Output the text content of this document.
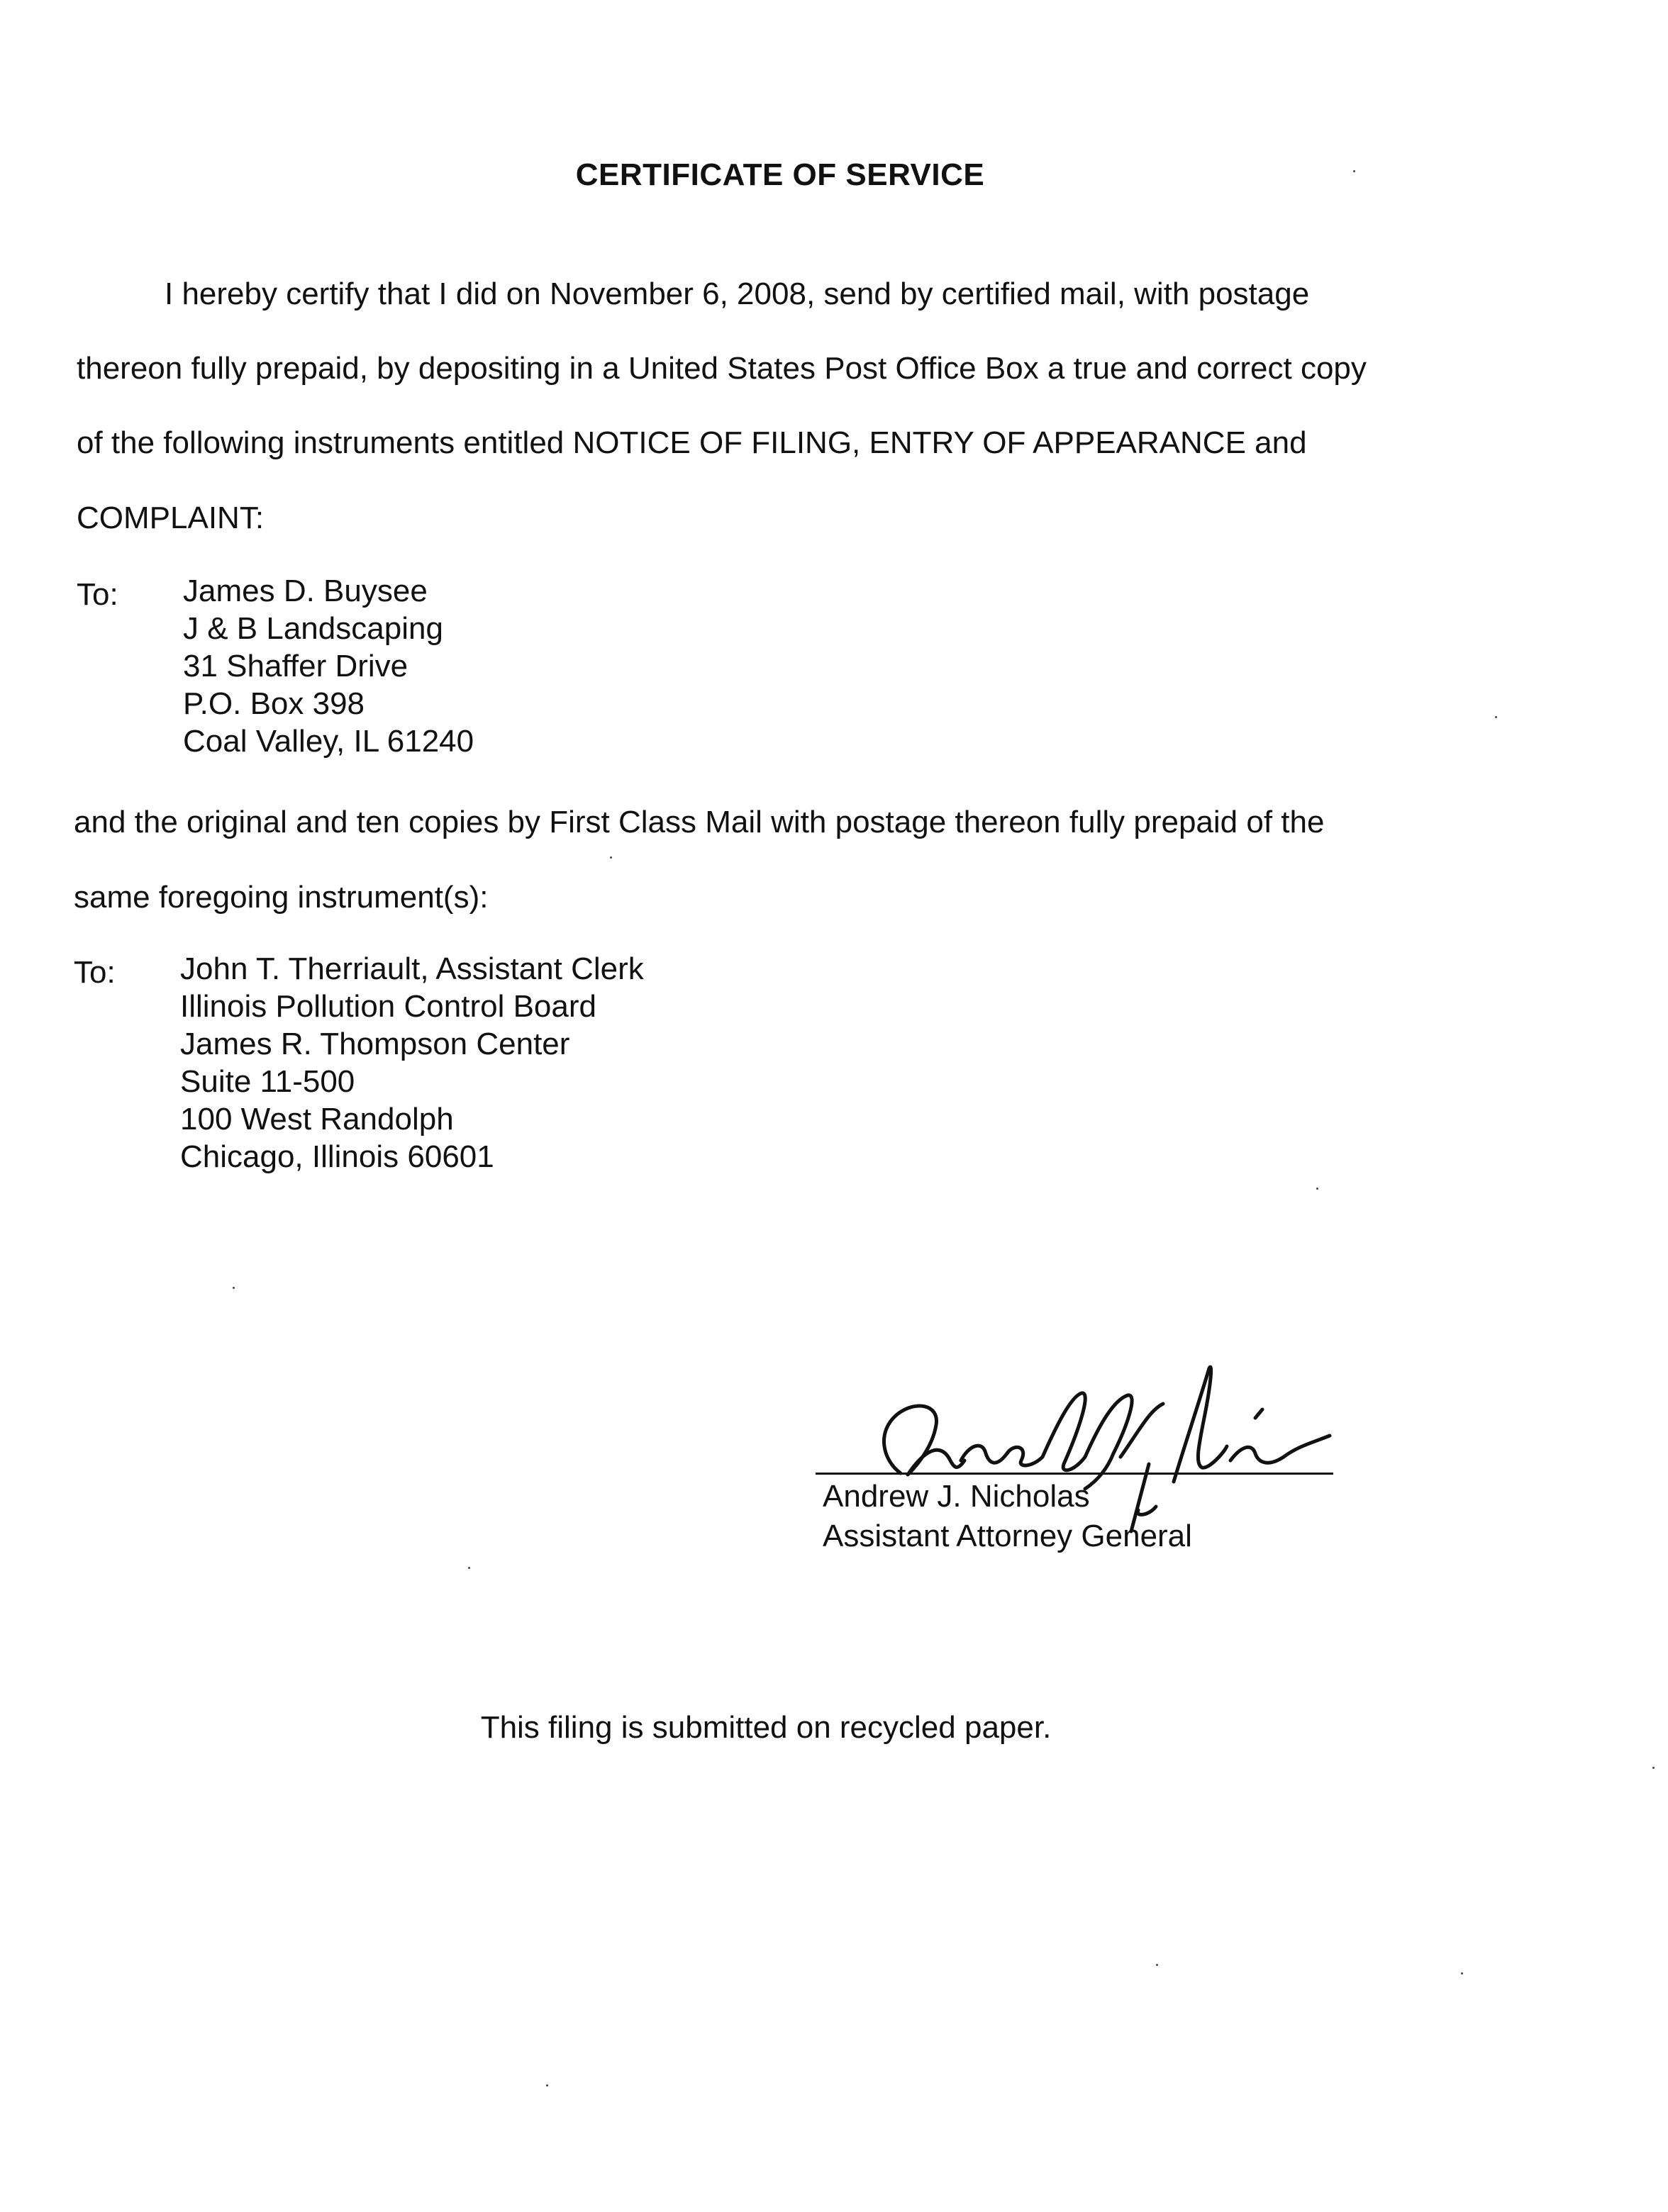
CERTIFICATE OF SERVICE
I hereby certify that I did on November 6, 2008, send by certified mail, with postage
thereon fully prepaid, by depositing in a United States Post Office Box a true and correct copy
of the following instruments entitled NOTICE OF FILING, ENTRY OF APPEARANCE and
COMPLAINT:
To: James D. Buysee
J & B Landscaping
31 Shaffer Drive
P.O. Box 398
Coal Valley, IL 61240
and the original and ten copies by First Class Mail with postage thereon fully prepaid of the
same foregoing instrument(s):
To: John T. Therriault, Assistant Clerk
Illinois Pollution Control Board
James R. Thompson Center
Suite 11-500
100 West Randolph
Chicago, Illinois 60601
Andrew J. Nicholas
Assistant Attorney General
This filing is submitted on recycled paper.
